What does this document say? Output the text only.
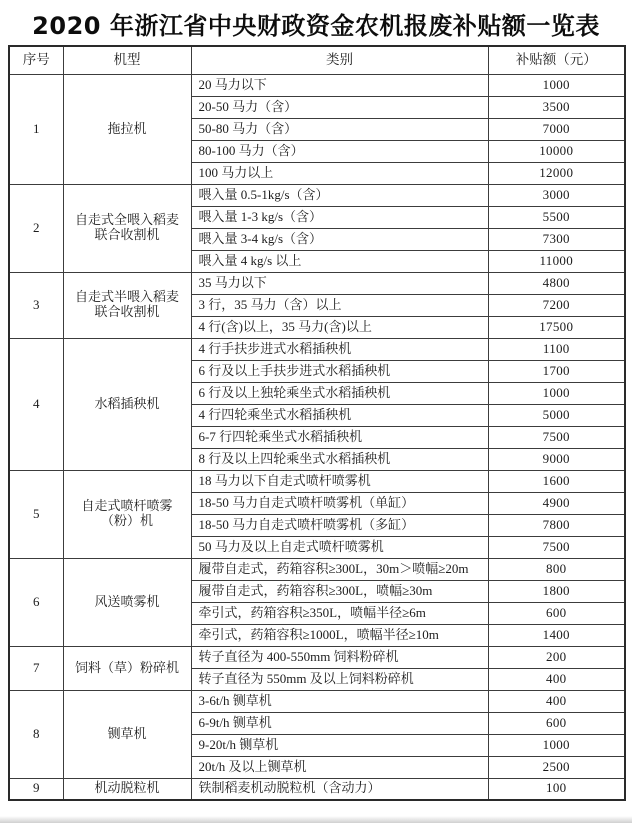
2020 年浙江省中央财政资金农机报废补贴额一览表
序号	机型	类别	补贴额（元）
1	拖拉机	20 马力以下	1000
		20-50 马力（含）	3500
		50-80 马力（含）	7000
		80-100 马力（含）	10000
		100 马力以上	12000
2	自走式全喂入稻麦联合收割机	喂入量 0.5-1kg/s（含）	3000
		喂入量 1-3 kg/s（含）	5500
		喂入量 3-4 kg/s（含）	7300
		喂入量 4 kg/s 以上	11000
3	自走式半喂入稻麦联合收割机	35 马力以下	4800
		3 行，35 马力（含）以上	7200
		4 行(含)以上，35 马力(含)以上	17500
4	水稻插秧机	4 行手扶步进式水稻插秧机	1100
		6 行及以上手扶步进式水稻插秧机	1700
		6 行及以上独轮乘坐式水稻插秧机	1000
		4 行四轮乘坐式水稻插秧机	5000
		6-7 行四轮乘坐式水稻插秧机	7500
		8 行及以上四轮乘坐式水稻插秧机	9000
5	自走式喷杆喷雾（粉）机	18 马力以下自走式喷杆喷雾机	1600
		18-50 马力自走式喷杆喷雾机（单缸）	4900
		18-50 马力自走式喷杆喷雾机（多缸）	7800
		50 马力及以上自走式喷杆喷雾机	7500
6	风送喷雾机	履带自走式，药箱容积≥300L，30m＞喷幅≥20m	800
		履带自走式，药箱容积≥300L，喷幅≥30m	1800
		牵引式，药箱容积≥350L，喷幅半径≥6m	600
		牵引式，药箱容积≥1000L，喷幅半径≥10m	1400
7	饲料（草）粉碎机	转子直径为 400-550mm 饲料粉碎机	200
		转子直径为 550mm 及以上饲料粉碎机	400
8	铡草机	3-6t/h 铡草机	400
		6-9t/h 铡草机	600
		9-20t/h 铡草机	1000
		20t/h 及以上铡草机	2500
9	机动脱粒机	铁制稻麦机动脱粒机（含动力）	100
